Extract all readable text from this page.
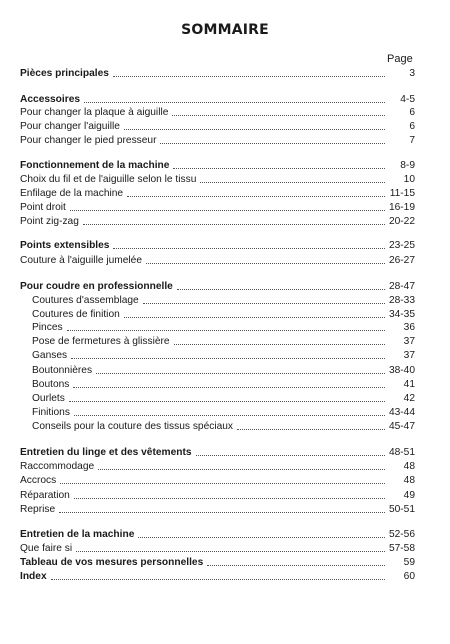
SOMMAIRE
Page
Pièces principales	3
Accessoires	4-5
Pour changer la plaque à aiguille	6
Pour changer l'aiguille	6
Pour changer le pied presseur	7
Fonctionnement de la machine	8-9
Choix du fil et de l'aiguille selon le tissu	10
Enfilage de la machine	11-15
Point droit	16-19
Point zig-zag	20-22
Points extensibles	23-25
Couture à l'aiguille jumelée	26-27
Pour coudre en professionnelle	28-47
Coutures d'assemblage	28-33
Coutures de finition	34-35
Pinces	36
Pose de fermetures à glissière	37
Ganses	37
Boutonnières	38-40
Boutons	41
Ourlets	42
Finitions	43-44
Conseils pour la couture des tissus spéciaux	45-47
Entretien du linge et des vêtements	48-51
Raccommodage	48
Accrocs	48
Réparation	49
Reprise	50-51
Entretien de la machine	52-56
Que faire si	57-58
Tableau de vos mesures personnelles	59
Index	60
